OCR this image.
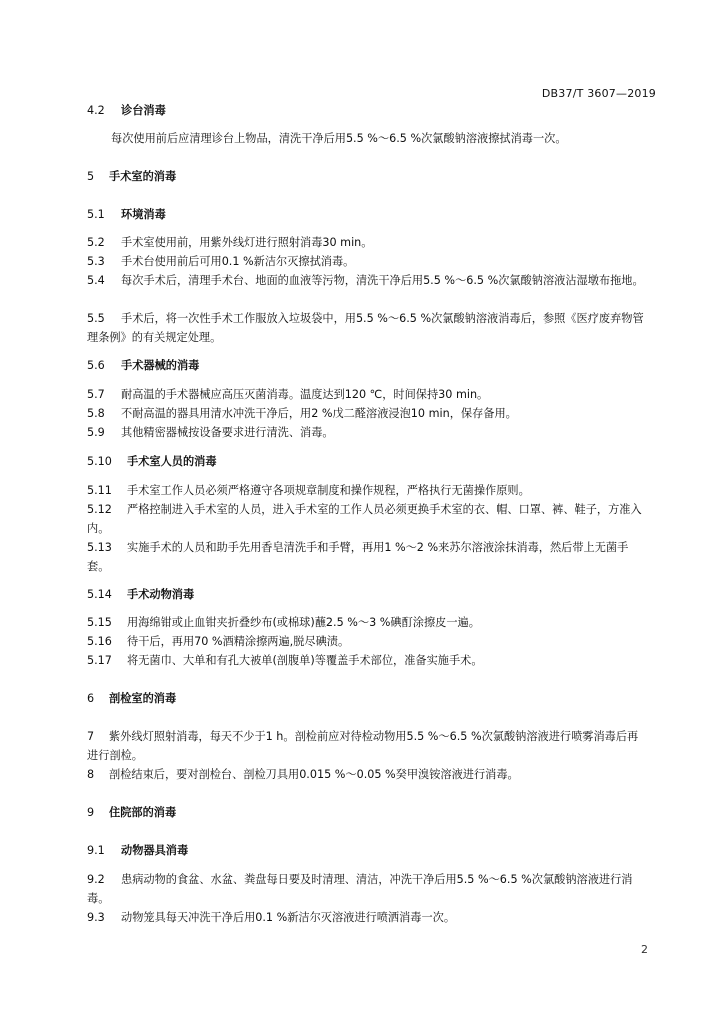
DB37/T 3607—2019
4.2 诊台消毒
每次使用前后应清理诊台上物品，清洗干净后用5.5 %～6.5 %次氯酸钠溶液擦拭消毒一次。
5 手术室的消毒
5.1 环境消毒
5.2 手术室使用前，用紫外线灯进行照射消毒30 min。
5.3 手术台使用前后可用0.1 %新洁尔灭擦拭消毒。
5.4 每次手术后，清理手术台、地面的血液等污物，清洗干净后用5.5 %～6.5 %次氯酸钠溶液沾湿墩布拖地。
5.5 手术后，将一次性手术工作服放入垃圾袋中，用5.5 %～6.5 %次氯酸钠溶液消毒后，参照《医疗废弃物管理条例》的有关规定处理。
5.6 手术器械的消毒
5.7 耐高温的手术器械应高压灭菌消毒。温度达到120 ℃，时间保持30 min。
5.8 不耐高温的器具用清水冲洗干净后，用2 %戊二醛溶液浸泡10 min，保存备用。
5.9 其他精密器械按设备要求进行清洗、消毒。
5.10 手术室人员的消毒
5.11 手术室工作人员必须严格遵守各项规章制度和操作规程，严格执行无菌操作原则。
5.12 严格控制进入手术室的人员，进入手术室的工作人员必须更换手术室的衣、帽、口罩、裤、鞋子，方准入内。
5.13 实施手术的人员和助手先用香皂清洗手和手臂，再用1 %～2 %来苏尔溶液涂抹消毒，然后带上无菌手套。
5.14 手术动物消毒
5.15 用海绵钳或止血钳夹折叠纱布(或棉球)蘸2.5 %～3 %碘酊涂擦皮一遍。
5.16 待干后，再用70 %酒精涂擦两遍,脱尽碘渍。
5.17 将无菌巾、大单和有孔大被单(剖腹单)等覆盖手术部位，准备实施手术。
6 剖检室的消毒
7 紫外线灯照射消毒，每天不少于1 h。剖检前应对待检动物用5.5 %～6.5 %次氯酸钠溶液进行喷雾消毒后再进行剖检。
8 剖检结束后，要对剖检台、剖检刀具用0.015 %～0.05 %癸甲溴铵溶液进行消毒。
9 住院部的消毒
9.1 动物器具消毒
9.2 患病动物的食盆、水盆、粪盘每日要及时清理、清洁，冲洗干净后用5.5 %～6.5 %次氯酸钠溶液进行消毒。
9.3 动物笼具每天冲洗干净后用0.1 %新洁尔灭溶液进行喷洒消毒一次。
2
